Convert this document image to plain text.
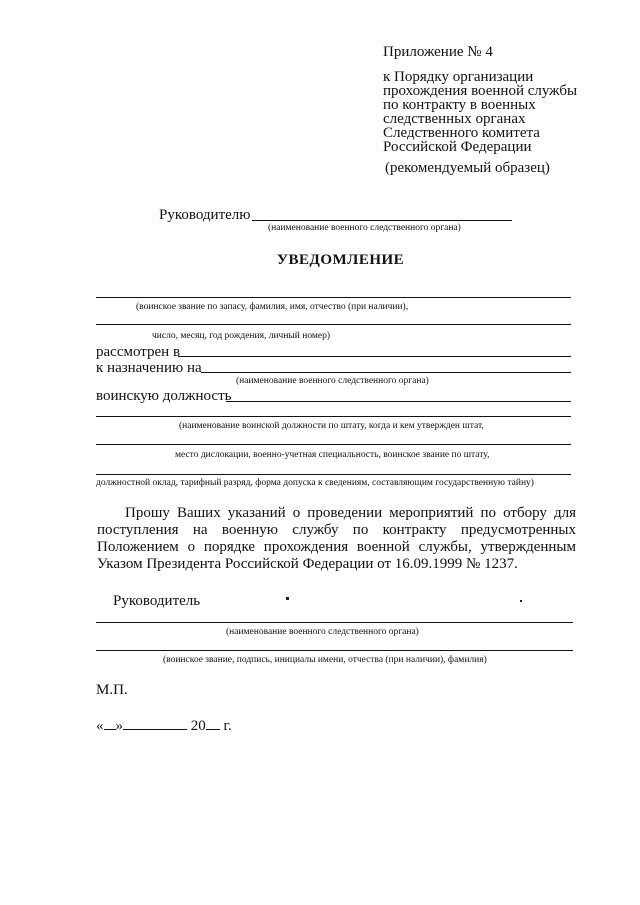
Приложение № 4
к Порядку организации
прохождения военной службы
по контракту в военных
следственных органах
Следственного комитета
Российской Федерации
(рекомендуемый образец)
Руководителю
(наименование военного следственного органа)
УВЕДОМЛЕНИЕ
(воинское звание по запасу, фамилия, имя, отчество (при наличии),
число, месяц, год рождения, личный номер)
рассмотрен в
к назначению на
(наименование военного следственного органа)
воинскую должность
(наименование воинской должности по штату, когда и кем утвержден штат,
место дислокации, военно-учетная специальность, воинское звание по штату,
должностной оклад, тарифный разряд, форма допуска к сведениям, составляющим государственную тайну)
Прошу Ваших указаний о проведении мероприятий по отбору для поступления на военную службу по контракту предусмотренных Положением о порядке прохождения военной службы, утвержденным Указом Президента Российской Федерации от 16.09.1999 № 1237.
Руководитель
(наименование военного следственного органа)
(воинское звание, подпись, инициалы имени, отчества (при наличии), фамилия)
М.П.
« »	20 г.
